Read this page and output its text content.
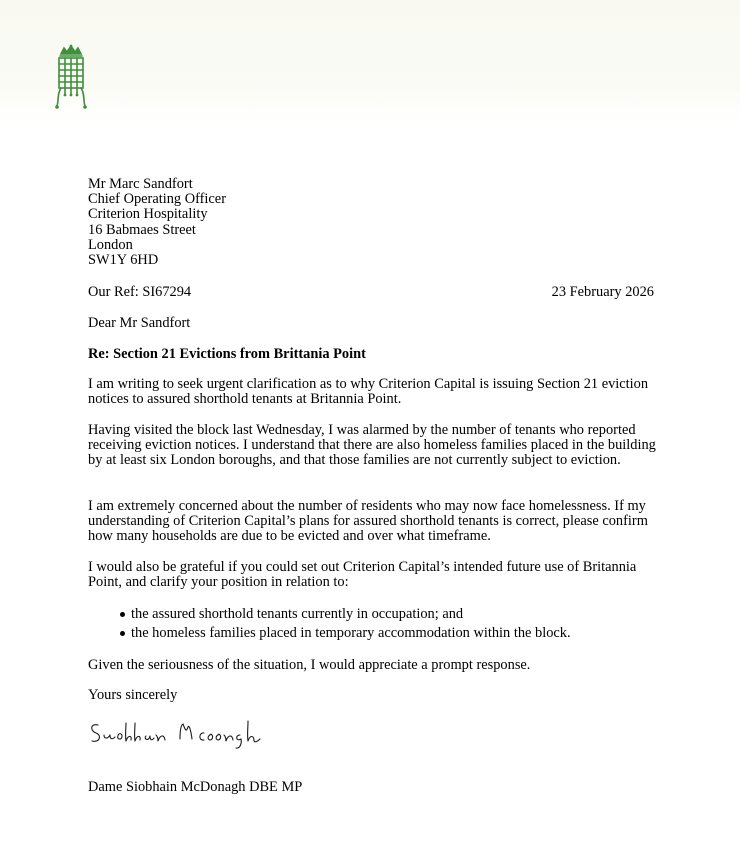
Mr Marc Sandfort
Chief Operating Officer
Criterion Hospitality
16 Babmaes Street
London
SW1Y 6HD
Our Ref: SI67294	23 February 2026
Dear Mr Sandfort
Re: Section 21 Evictions from Brittania Point
I am writing to seek urgent clarification as to why Criterion Capital is issuing Section 21 eviction notices to assured shorthold tenants at Britannia Point.
Having visited the block last Wednesday, I was alarmed by the number of tenants who reported receiving eviction notices. I understand that there are also homeless families placed in the building by at least six London boroughs, and that those families are not currently subject to eviction.
I am extremely concerned about the number of residents who may now face homelessness. If my understanding of Criterion Capital’s plans for assured shorthold tenants is correct, please confirm how many households are due to be evicted and over what timeframe.
I would also be grateful if you could set out Criterion Capital’s intended future use of Britannia Point, and clarify your position in relation to:
the assured shorthold tenants currently in occupation; and
the homeless families placed in temporary accommodation within the block.
Given the seriousness of the situation, I would appreciate a prompt response.
Yours sincerely
Dame Siobhain McDonagh DBE MP
